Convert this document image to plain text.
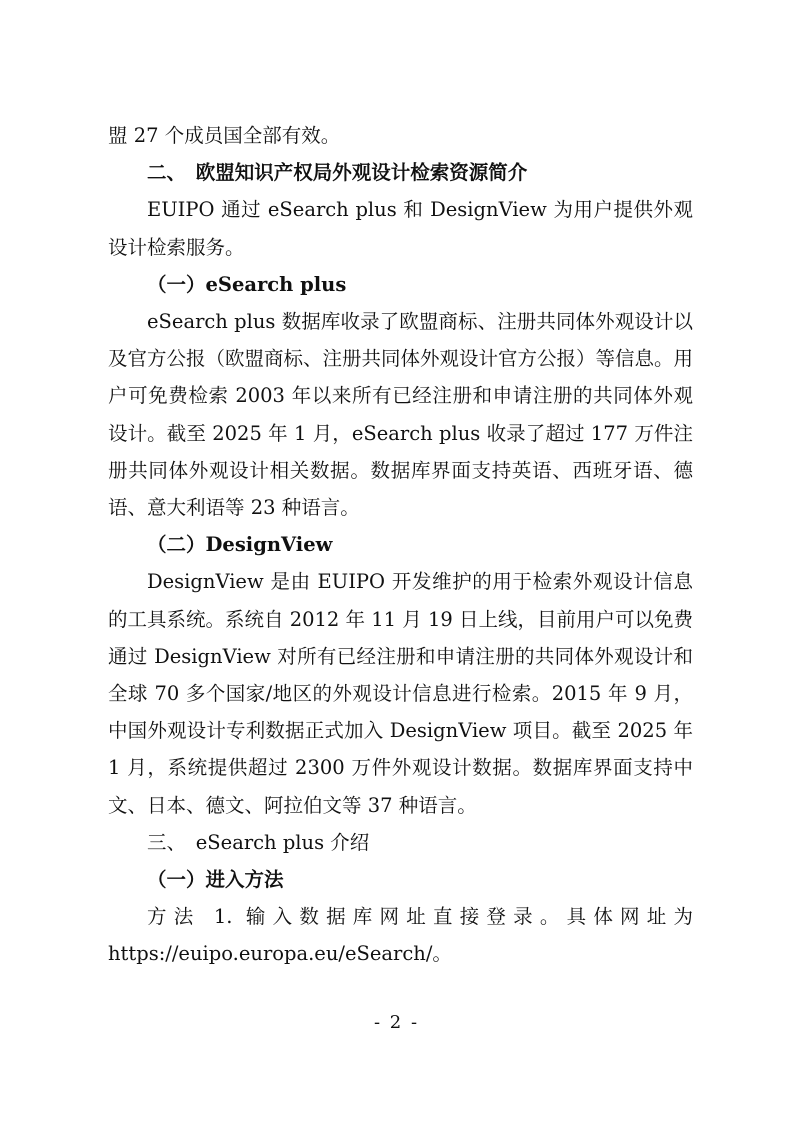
盟 27 个成员国全部有效。

二、　欧盟知识产权局外观设计检索资源简介

EUIPO 通过 eSearch plus 和 DesignView 为用户提供外观设计检索服务。

（一）eSearch plus

eSearch plus 数据库收录了欧盟商标、注册共同体外观设计以及官方公报（欧盟商标、注册共同体外观设计官方公报）等信息。用户可免费检索 2003 年以来所有已经注册和申请注册的共同体外观设计。截至 2025 年 1 月，eSearch plus 收录了超过 177 万件注册共同体外观设计相关数据。数据库界面支持英语、西班牙语、德语、意大利语等 23 种语言。

（二）DesignView

DesignView 是由 EUIPO 开发维护的用于检索外观设计信息的工具系统。系统自 2012 年 11 月 19 日上线，目前用户可以免费通过 DesignView 对所有已经注册和申请注册的共同体外观设计和全球 70 多个国家/地区的外观设计信息进行检索。2015 年 9 月，中国外观设计专利数据正式加入 DesignView 项目。截至 2025 年 1 月，系统提供超过 2300 万件外观设计数据。数据库界面支持中文、日本、德文、阿拉伯文等 37 种语言。

三、　eSearch plus 介绍

（一）进入方法

方法 1. 输入数据库网址直接登录。具体网址为

https://euipo.europa.eu/eSearch/。

- 2 -
